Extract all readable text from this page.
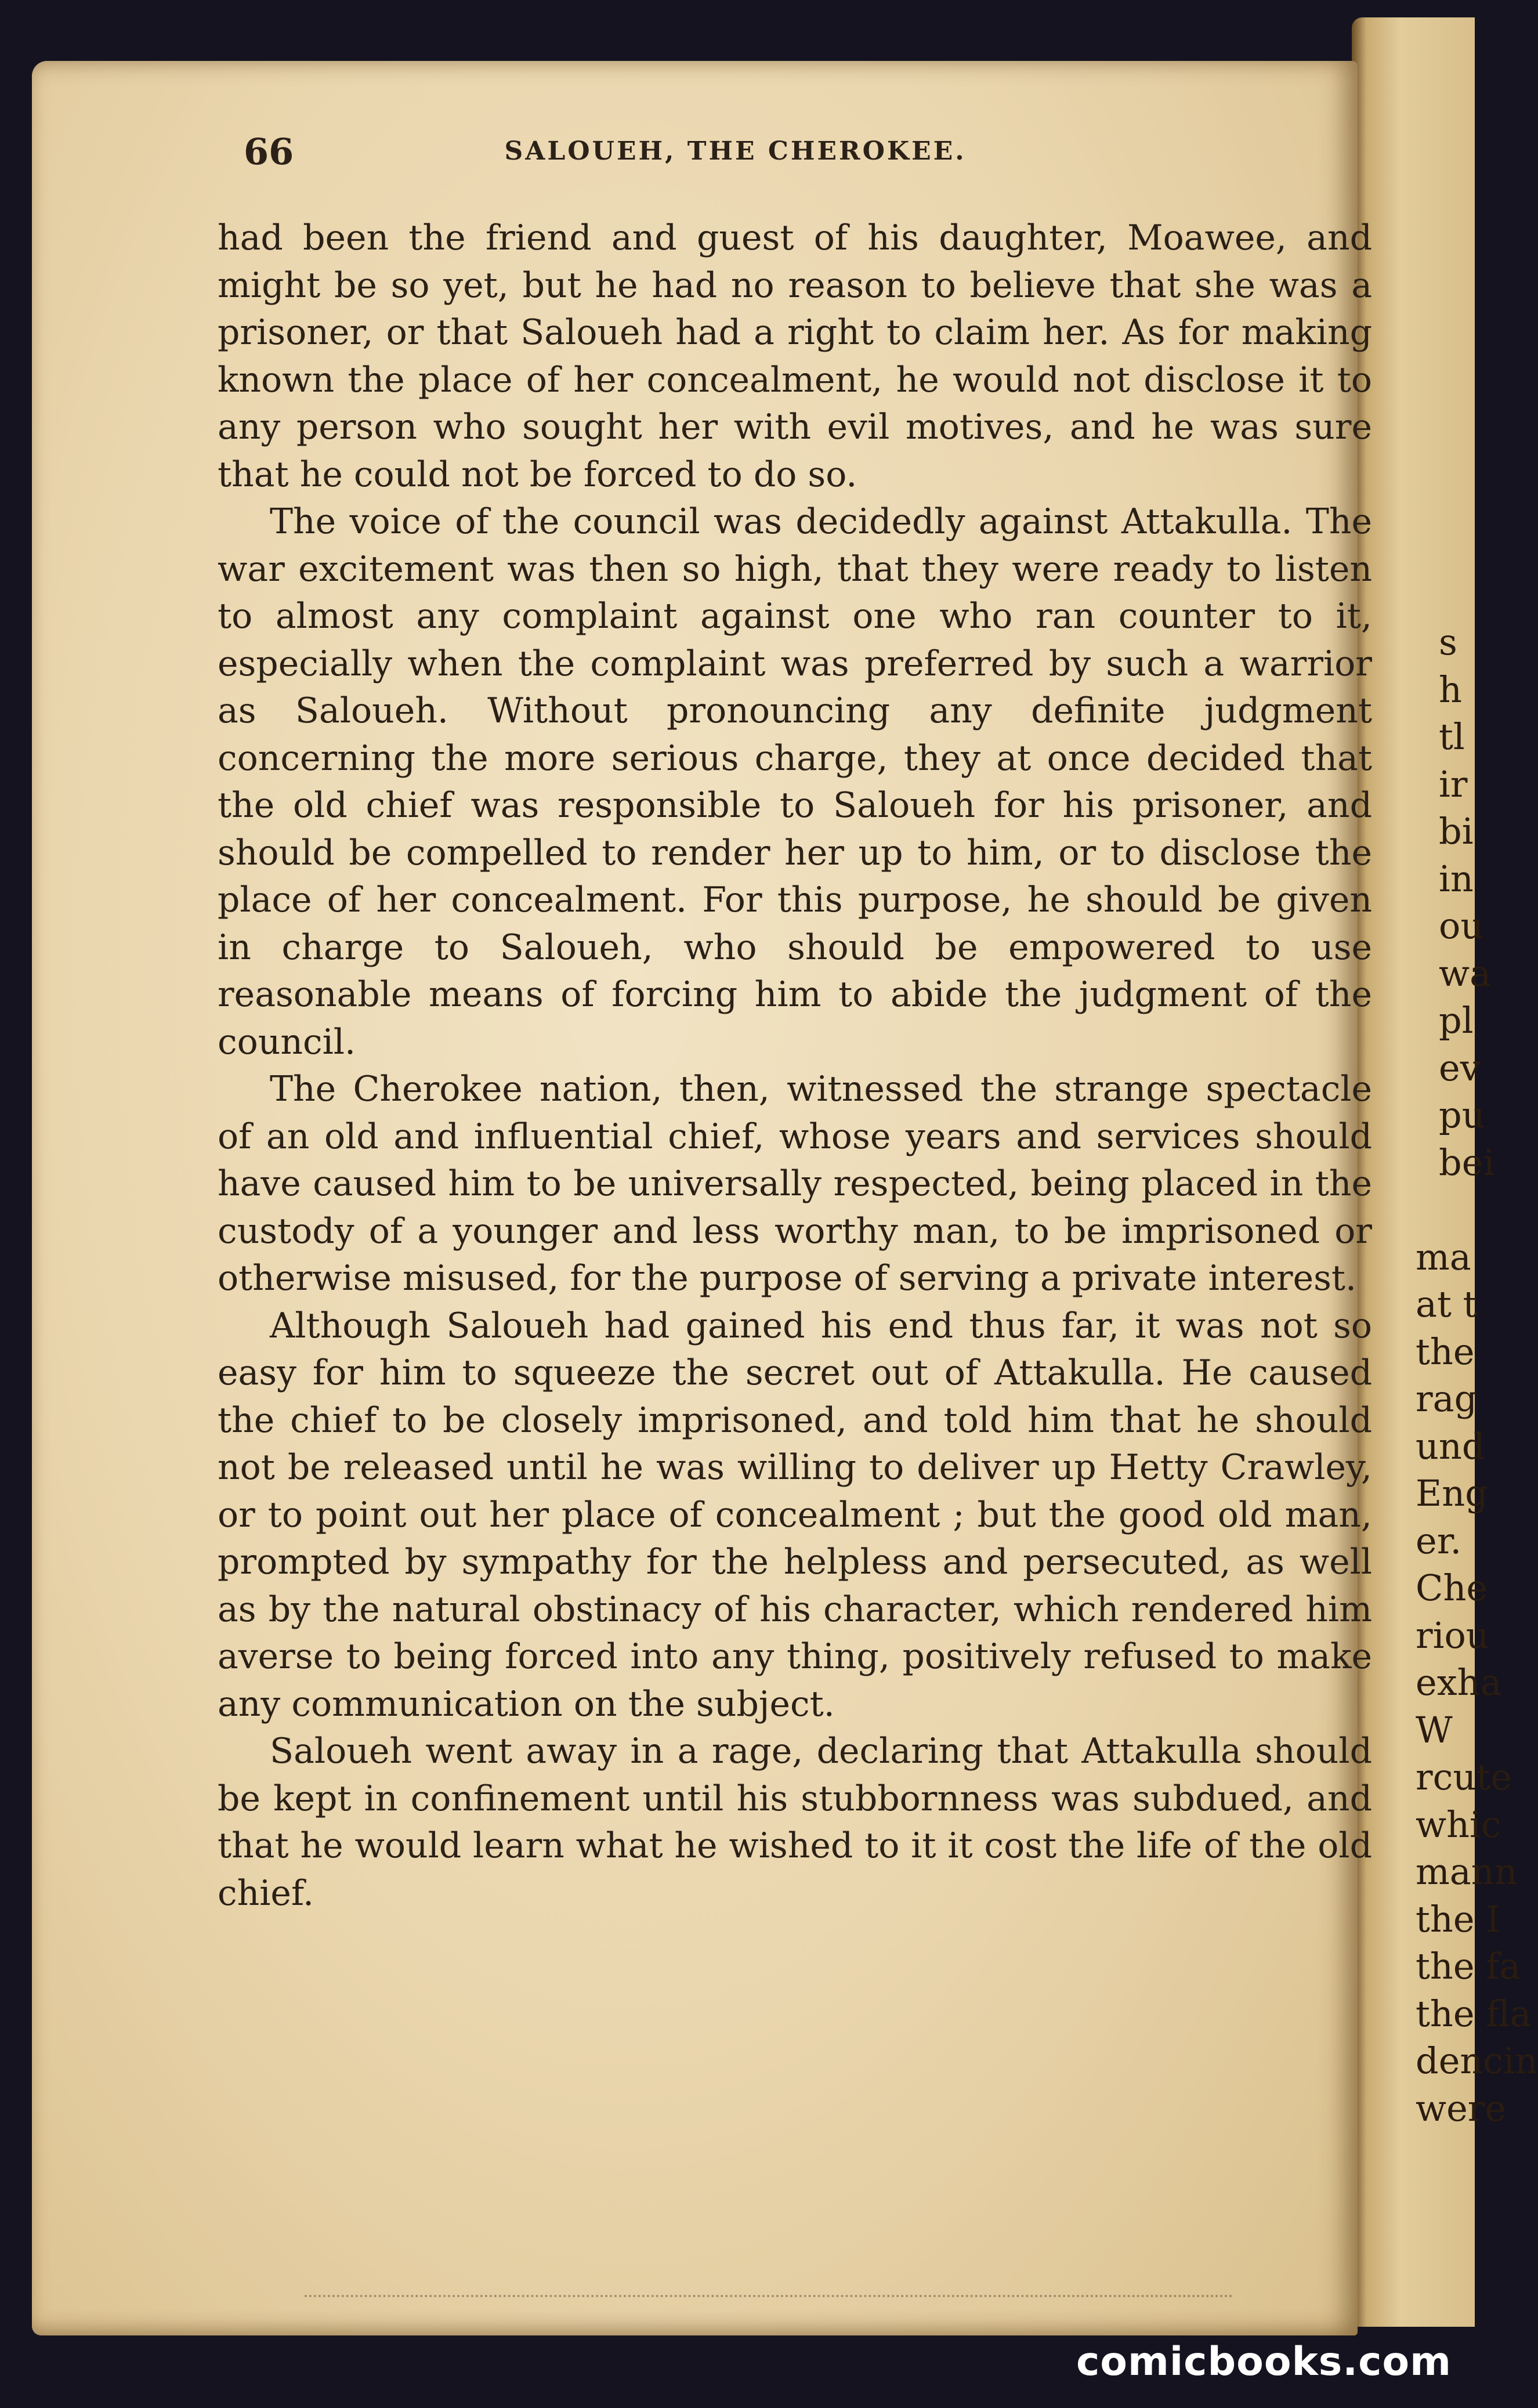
s
h
tl
ir
bi
in
ou
wa
pl
ev
pu
bei
ma
at t
the
rag
und
Eng
er.
Che
riou
exha
W
rcute
whic
mann
the I
the fa
the fla
dencin
were
66	SALOUEH, THE CHEROKEE.

had been the friend and guest of his daughter, Moawee, and might be so yet, but he had no reason to believe that she was a prisoner, or that Saloueh had a right to claim her. As for making known the place of her concealment, he would not disclose it to any person who sought her with evil motives, and he was sure that he could not be forced to do so.

The voice of the council was decidedly against Attakulla. The war excitement was then so high, that they were ready to listen to almost any complaint against one who ran counter to it, especially when the complaint was preferred by such a warrior as Saloueh. Without pronouncing any definite judgment concerning the more serious charge, they at once decided that the old chief was responsible to Saloueh for his prisoner, and should be compelled to render her up to him, or to disclose the place of her concealment. For this purpose, he should be given in charge to Saloueh, who should be empowered to use reasonable means of forcing him to abide the judgment of the council.

The Cherokee nation, then, witnessed the strange spectacle of an old and influential chief, whose years and services should have caused him to be universally respected, being placed in the custody of a younger and less worthy man, to be imprisoned or otherwise misused, for the purpose of serving a private interest.

Although Saloueh had gained his end thus far, it was not so easy for him to squeeze the secret out of Attakulla. He caused the chief to be closely imprisoned, and told him that he should not be released until he was willing to deliver up Hetty Crawley, or to point out her place of concealment ; but the good old man, prompted by sympathy for the helpless and persecuted, as well as by the natural obstinacy of his character, which rendered him averse to being forced into any thing, positively refused to make any communication on the subject.

Saloueh went away in a rage, declaring that Attakulla should be kept in confinement until his stubbornness was subdued, and that he would learn what he wished to it it cost the life of the old chief.

comicbooks.com
